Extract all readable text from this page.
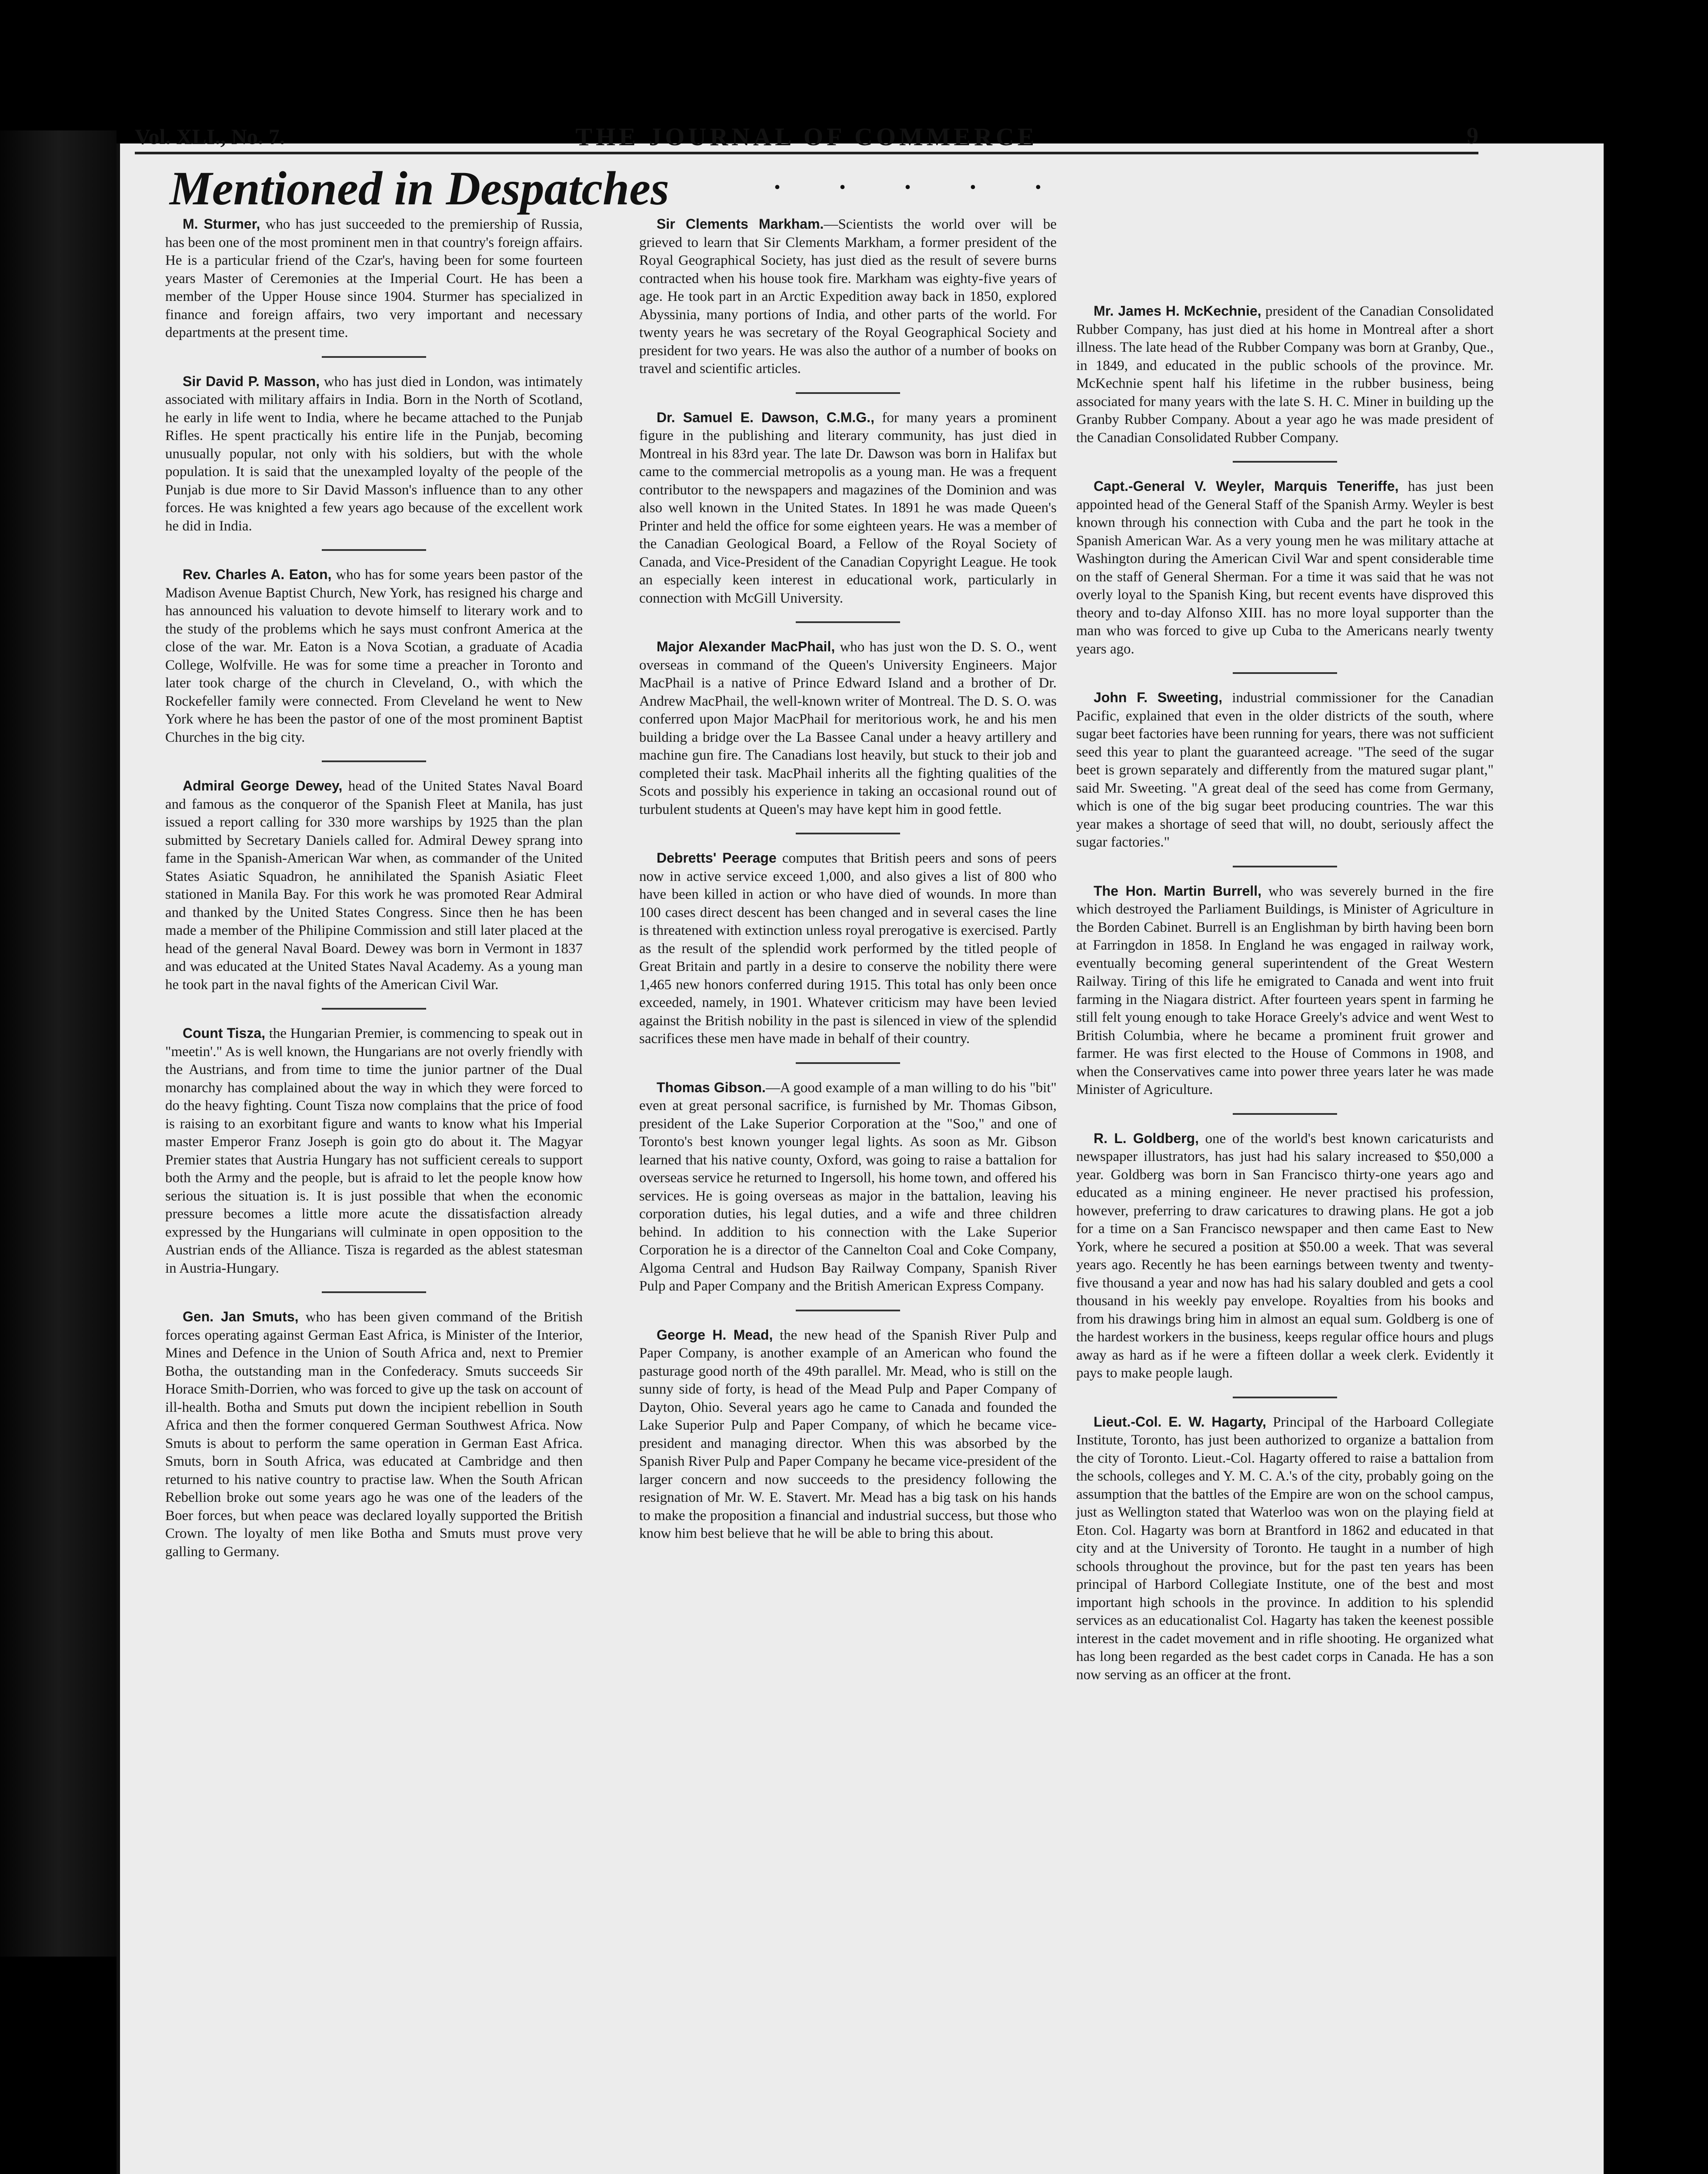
Vol. XLI., No. 7.	THE JOURNAL OF COMMERCE	9
Mentioned in Despatches	. . . . .

M. Sturmer, who has just succeeded to the premiership of Russia, has been one of the most prominent men in that country's foreign affairs. He is a particular friend of the Czar's, having been for some fourteen years Master of Ceremonies at the Imperial Court. He has been a member of the Upper House since 1904. Sturmer has specialized in finance and foreign affairs, two very important and necessary departments at the present time.

Sir David P. Masson, who has just died in London, was intimately associated with military affairs in India. Born in the North of Scotland, he early in life went to India, where he became attached to the Punjab Rifles. He spent practically his entire life in the Punjab, becoming unusually popular, not only with his soldiers, but with the whole population. It is said that the unexampled loyalty of the people of the Punjab is due more to Sir David Masson's influence than to any other forces. He was knighted a few years ago because of the excellent work he did in India.

Rev. Charles A. Eaton, who has for some years been pastor of the Madison Avenue Baptist Church, New York, has resigned his charge and has announced his valuation to devote himself to literary work and to the study of the problems which he says must confront America at the close of the war. Mr. Eaton is a Nova Scotian, a graduate of Acadia College, Wolfville. He was for some time a preacher in Toronto and later took charge of the church in Cleveland, O., with which the Rockefeller family were connected. From Cleveland he went to New York where he has been the pastor of one of the most prominent Baptist Churches in the big city.

Admiral George Dewey, head of the United States Naval Board and famous as the conqueror of the Spanish Fleet at Manila, has just issued a report calling for 330 more warships by 1925 than the plan submitted by Secretary Daniels called for. Admiral Dewey sprang into fame in the Spanish-American War when, as commander of the United States Asiatic Squadron, he annihilated the Spanish Asiatic Fleet stationed in Manila Bay. For this work he was promoted Rear Admiral and thanked by the United States Congress. Since then he has been made a member of the Philipine Commission and still later placed at the head of the general Naval Board. Dewey was born in Vermont in 1837 and was educated at the United States Naval Academy. As a young man he took part in the naval fights of the American Civil War.

Count Tisza, the Hungarian Premier, is commencing to speak out in "meetin'." As is well known, the Hungarians are not overly friendly with the Austrians, and from time to time the junior partner of the Dual monarchy has complained about the way in which they were forced to do the heavy fighting. Count Tisza now complains that the price of food is raising to an exorbitant figure and wants to know what his Imperial master Emperor Franz Joseph is goin gto do about it. The Magyar Premier states that Austria Hungary has not sufficient cereals to support both the Army and the people, but is afraid to let the people know how serious the situation is. It is just possible that when the economic pressure becomes a little more acute the dissatisfaction already expressed by the Hungarians will culminate in open opposition to the Austrian ends of the Alliance. Tisza is regarded as the ablest statesman in Austria-Hungary.

Gen. Jan Smuts, who has been given command of the British forces operating against German East Africa, is Minister of the Interior, Mines and Defence in the Union of South Africa and, next to Premier Botha, the outstanding man in the Confederacy. Smuts succeeds Sir Horace Smith-Dorrien, who was forced to give up the task on account of ill-health. Botha and Smuts put down the incipient rebellion in South Africa and then the former conquered German Southwest Africa. Now Smuts is about to perform the same operation in German East Africa. Smuts, born in South Africa, was educated at Cambridge and then returned to his native country to practise law. When the South African Rebellion broke out some years ago he was one of the leaders of the Boer forces, but when peace was declared loyally supported the British Crown. The loyalty of men like Botha and Smuts must prove very galling to Germany.

Sir Clements Markham.—Scientists the world over will be grieved to learn that Sir Clements Markham, a former president of the Royal Geographical Society, has just died as the result of severe burns contracted when his house took fire. Markham was eighty-five years of age. He took part in an Arctic Expedition away back in 1850, explored Abyssinia, many portions of India, and other parts of the world. For twenty years he was secretary of the Royal Geographical Society and president for two years. He was also the author of a number of books on travel and scientific articles.

Dr. Samuel E. Dawson, C.M.G., for many years a prominent figure in the publishing and literary community, has just died in Montreal in his 83rd year. The late Dr. Dawson was born in Halifax but came to the commercial metropolis as a young man. He was a frequent contributor to the newspapers and magazines of the Dominion and was also well known in the United States. In 1891 he was made Queen's Printer and held the office for some eighteen years. He was a member of the Canadian Geological Board, a Fellow of the Royal Society of Canada, and Vice-President of the Canadian Copyright League. He took an especially keen interest in educational work, particularly in connection with McGill University.

Major Alexander MacPhail, who has just won the D. S. O., went overseas in command of the Queen's University Engineers. Major MacPhail is a native of Prince Edward Island and a brother of Dr. Andrew MacPhail, the well-known writer of Montreal. The D. S. O. was conferred upon Major MacPhail for meritorious work, he and his men building a bridge over the La Bassee Canal under a heavy artillery and machine gun fire. The Canadians lost heavily, but stuck to their job and completed their task. MacPhail inherits all the fighting qualities of the Scots and possibly his experience in taking an occasional round out of turbulent students at Queen's may have kept him in good fettle.

Debretts' Peerage computes that British peers and sons of peers now in active service exceed 1,000, and also gives a list of 800 who have been killed in action or who have died of wounds. In more than 100 cases direct descent has been changed and in several cases the line is threatened with extinction unless royal prerogative is exercised. Partly as the result of the splendid work performed by the titled people of Great Britain and partly in a desire to conserve the nobility there were 1,465 new honors conferred during 1915. This total has only been once exceeded, namely, in 1901. Whatever criticism may have been levied against the British nobility in the past is silenced in view of the splendid sacrifices these men have made in behalf of their country.

Thomas Gibson.—A good example of a man willing to do his "bit" even at great personal sacrifice, is furnished by Mr. Thomas Gibson, president of the Lake Superior Corporation at the "Soo," and one of Toronto's best known younger legal lights. As soon as Mr. Gibson learned that his native county, Oxford, was going to raise a battalion for overseas service he returned to Ingersoll, his home town, and offered his services. He is going overseas as major in the battalion, leaving his corporation duties, his legal duties, and a wife and three children behind. In addition to his connection with the Lake Superior Corporation he is a director of the Cannelton Coal and Coke Company, Algoma Central and Hudson Bay Railway Company, Spanish River Pulp and Paper Company and the British American Express Company.

George H. Mead, the new head of the Spanish River Pulp and Paper Company, is another example of an American who found the pasturage good north of the 49th parallel. Mr. Mead, who is still on the sunny side of forty, is head of the Mead Pulp and Paper Company of Dayton, Ohio. Several years ago he came to Canada and founded the Lake Superior Pulp and Paper Company, of which he became vice-president and managing director. When this was absorbed by the Spanish River Pulp and Paper Company he became vice-president of the larger concern and now succeeds to the presidency following the resignation of Mr. W. E. Stavert. Mr. Mead has a big task on his hands to make the proposition a financial and industrial success, but those who know him best believe that he will be able to bring this about.

Mr. James H. McKechnie, president of the Canadian Consolidated Rubber Company, has just died at his home in Montreal after a short illness. The late head of the Rubber Company was born at Granby, Que., in 1849, and educated in the public schools of the province. Mr. McKechnie spent half his lifetime in the rubber business, being associated for many years with the late S. H. C. Miner in building up the Granby Rubber Company. About a year ago he was made president of the Canadian Consolidated Rubber Company.

Capt.-General V. Weyler, Marquis Teneriffe, has just been appointed head of the General Staff of the Spanish Army. Weyler is best known through his connection with Cuba and the part he took in the Spanish American War. As a very young men he was military attache at Washington during the American Civil War and spent considerable time on the staff of General Sherman. For a time it was said that he was not overly loyal to the Spanish King, but recent events have disproved this theory and to-day Alfonso XIII. has no more loyal supporter than the man who was forced to give up Cuba to the Americans nearly twenty years ago.

John F. Sweeting, industrial commissioner for the Canadian Pacific, explained that even in the older districts of the south, where sugar beet factories have been running for years, there was not sufficient seed this year to plant the guaranteed acreage. "The seed of the sugar beet is grown separately and differently from the matured sugar plant," said Mr. Sweeting. "A great deal of the seed has come from Germany, which is one of the big sugar beet producing countries. The war this year makes a shortage of seed that will, no doubt, seriously affect the sugar factories."

The Hon. Martin Burrell, who was severely burned in the fire which destroyed the Parliament Buildings, is Minister of Agriculture in the Borden Cabinet. Burrell is an Englishman by birth having been born at Farringdon in 1858. In England he was engaged in railway work, eventually becoming general superintendent of the Great Western Railway. Tiring of this life he emigrated to Canada and went into fruit farming in the Niagara district. After fourteen years spent in farming he still felt young enough to take Horace Greely's advice and went West to British Columbia, where he became a prominent fruit grower and farmer. He was first elected to the House of Commons in 1908, and when the Conservatives came into power three years later he was made Minister of Agriculture.

R. L. Goldberg, one of the world's best known caricaturists and newspaper illustrators, has just had his salary increased to $50,000 a year. Goldberg was born in San Francisco thirty-one years ago and educated as a mining engineer. He never practised his profession, however, preferring to draw caricatures to drawing plans. He got a job for a time on a San Francisco newspaper and then came East to New York, where he secured a position at $50.00 a week. That was several years ago. Recently he has been earnings between twenty and twenty-five thousand a year and now has had his salary doubled and gets a cool thousand in his weekly pay envelope. Royalties from his books and from his drawings bring him in almost an equal sum. Goldberg is one of the hardest workers in the business, keeps regular office hours and plugs away as hard as if he were a fifteen dollar a week clerk. Evidently it pays to make people laugh.

Lieut.-Col. E. W. Hagarty, Principal of the Harboard Collegiate Institute, Toronto, has just been authorized to organize a battalion from the city of Toronto. Lieut.-Col. Hagarty offered to raise a battalion from the schools, colleges and Y. M. C. A.'s of the city, probably going on the assumption that the battles of the Empire are won on the school campus, just as Wellington stated that Waterloo was won on the playing field at Eton. Col. Hagarty was born at Brantford in 1862 and educated in that city and at the University of Toronto. He taught in a number of high schools throughout the province, but for the past ten years has been principal of Harbord Collegiate Institute, one of the best and most important high schools in the province. In addition to his splendid services as an educationalist Col. Hagarty has taken the keenest possible interest in the cadet movement and in rifle shooting. He organized what has long been regarded as the best cadet corps in Canada. He has a son now serving as an officer at the front.
